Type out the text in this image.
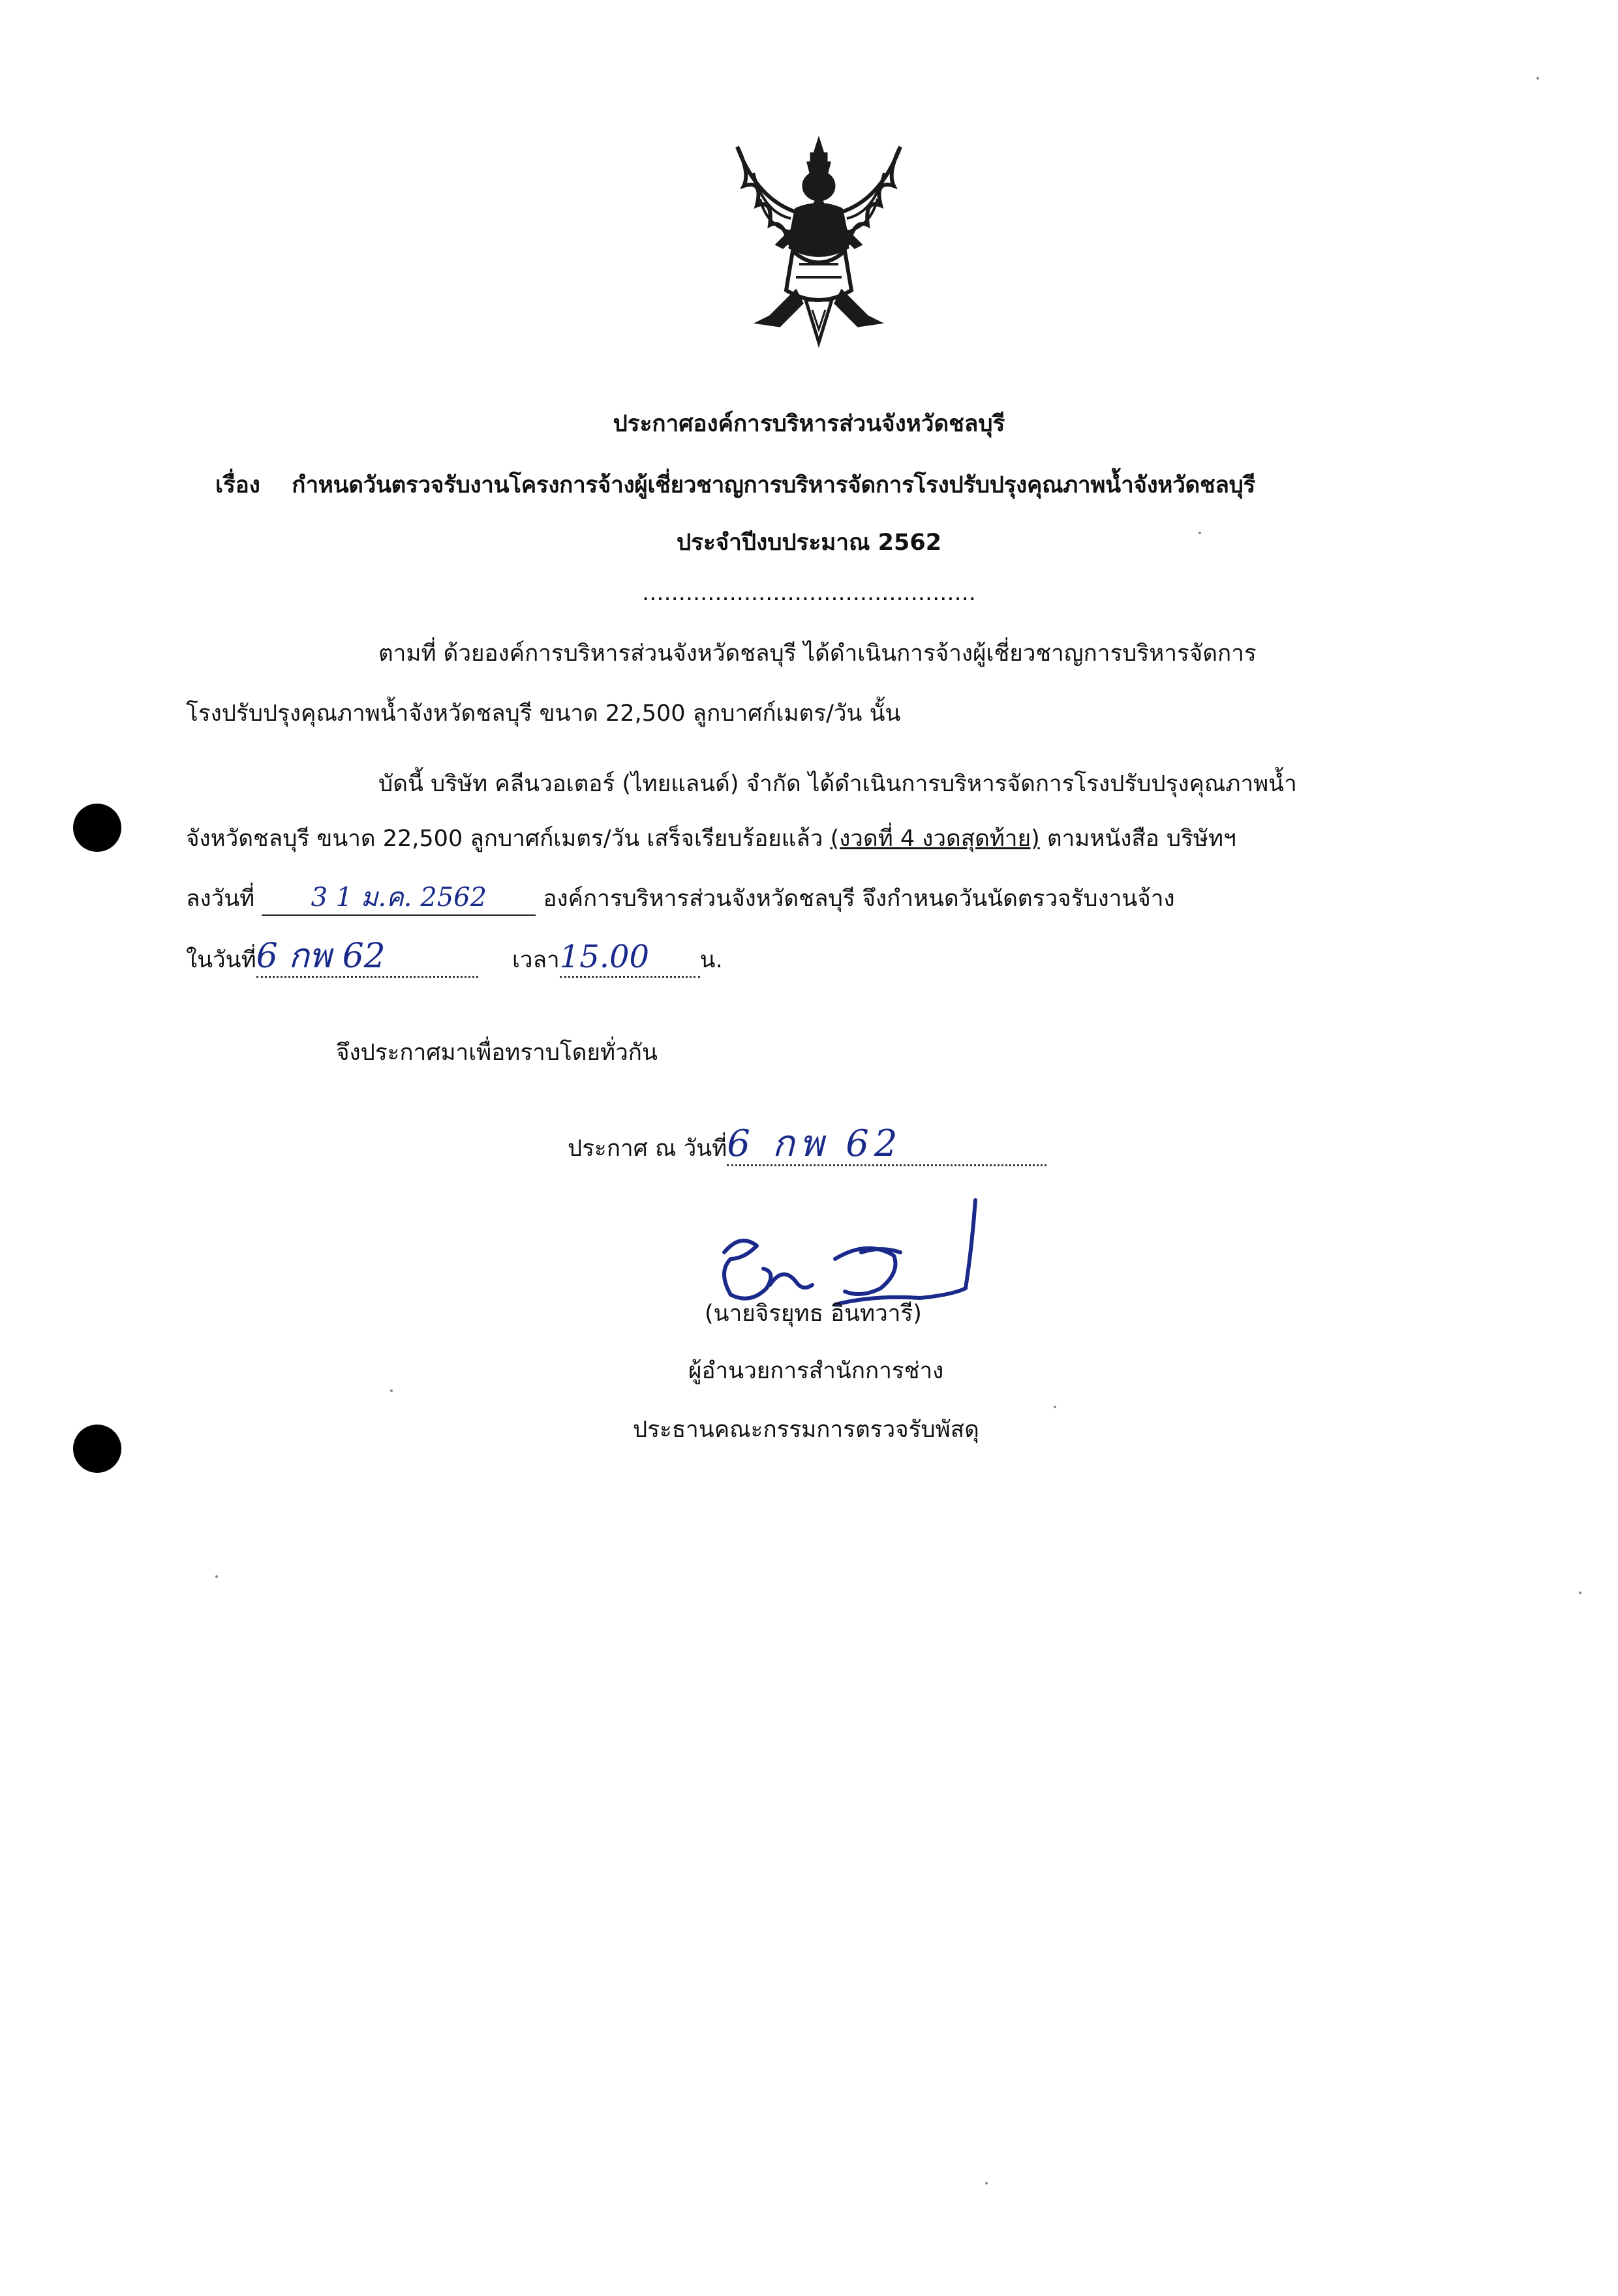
ประกาศองค์การบริหารส่วนจังหวัดชลบุรี
เรื่อง กำหนดวันตรวจรับงานโครงการจ้างผู้เชี่ยวชาญการบริหารจัดการโรงปรับปรุงคุณภาพน้ำจังหวัดชลบุรี
ประจำปีงบประมาณ 2562
..............................................
ตามที่ ด้วยองค์การบริหารส่วนจังหวัดชลบุรี ได้ดำเนินการจ้างผู้เชี่ยวชาญการบริหารจัดการ
โรงปรับปรุงคุณภาพน้ำจังหวัดชลบุรี ขนาด 22,500 ลูกบาศก์เมตร/วัน นั้น
บัดนี้ บริษัท คลีนวอเตอร์ (ไทยแลนด์) จำกัด ได้ดำเนินการบริหารจัดการโรงปรับปรุงคุณภาพน้ำ
จังหวัดชลบุรี ขนาด 22,500 ลูกบาศก์เมตร/วัน เสร็จเรียบร้อยแล้ว (งวดที่ 4 งวดสุดท้าย) ตามหนังสือ บริษัทฯ
ลงวันที่ 3 1 ม.ค. 2562 องค์การบริหารส่วนจังหวัดชลบุรี จึงกำหนดวันนัดตรวจรับงานจ้าง
ในวันที่6 กพ 62	เวลา15.00 น.
จึงประกาศมาเพื่อทราบโดยทั่วกัน
ประกาศ ณ วันที่6 กพ 62
(นายจิรยุทธ อินทวารี)
ผู้อำนวยการสำนักการช่าง
ประธานคณะกรรมการตรวจรับพัสดุ
